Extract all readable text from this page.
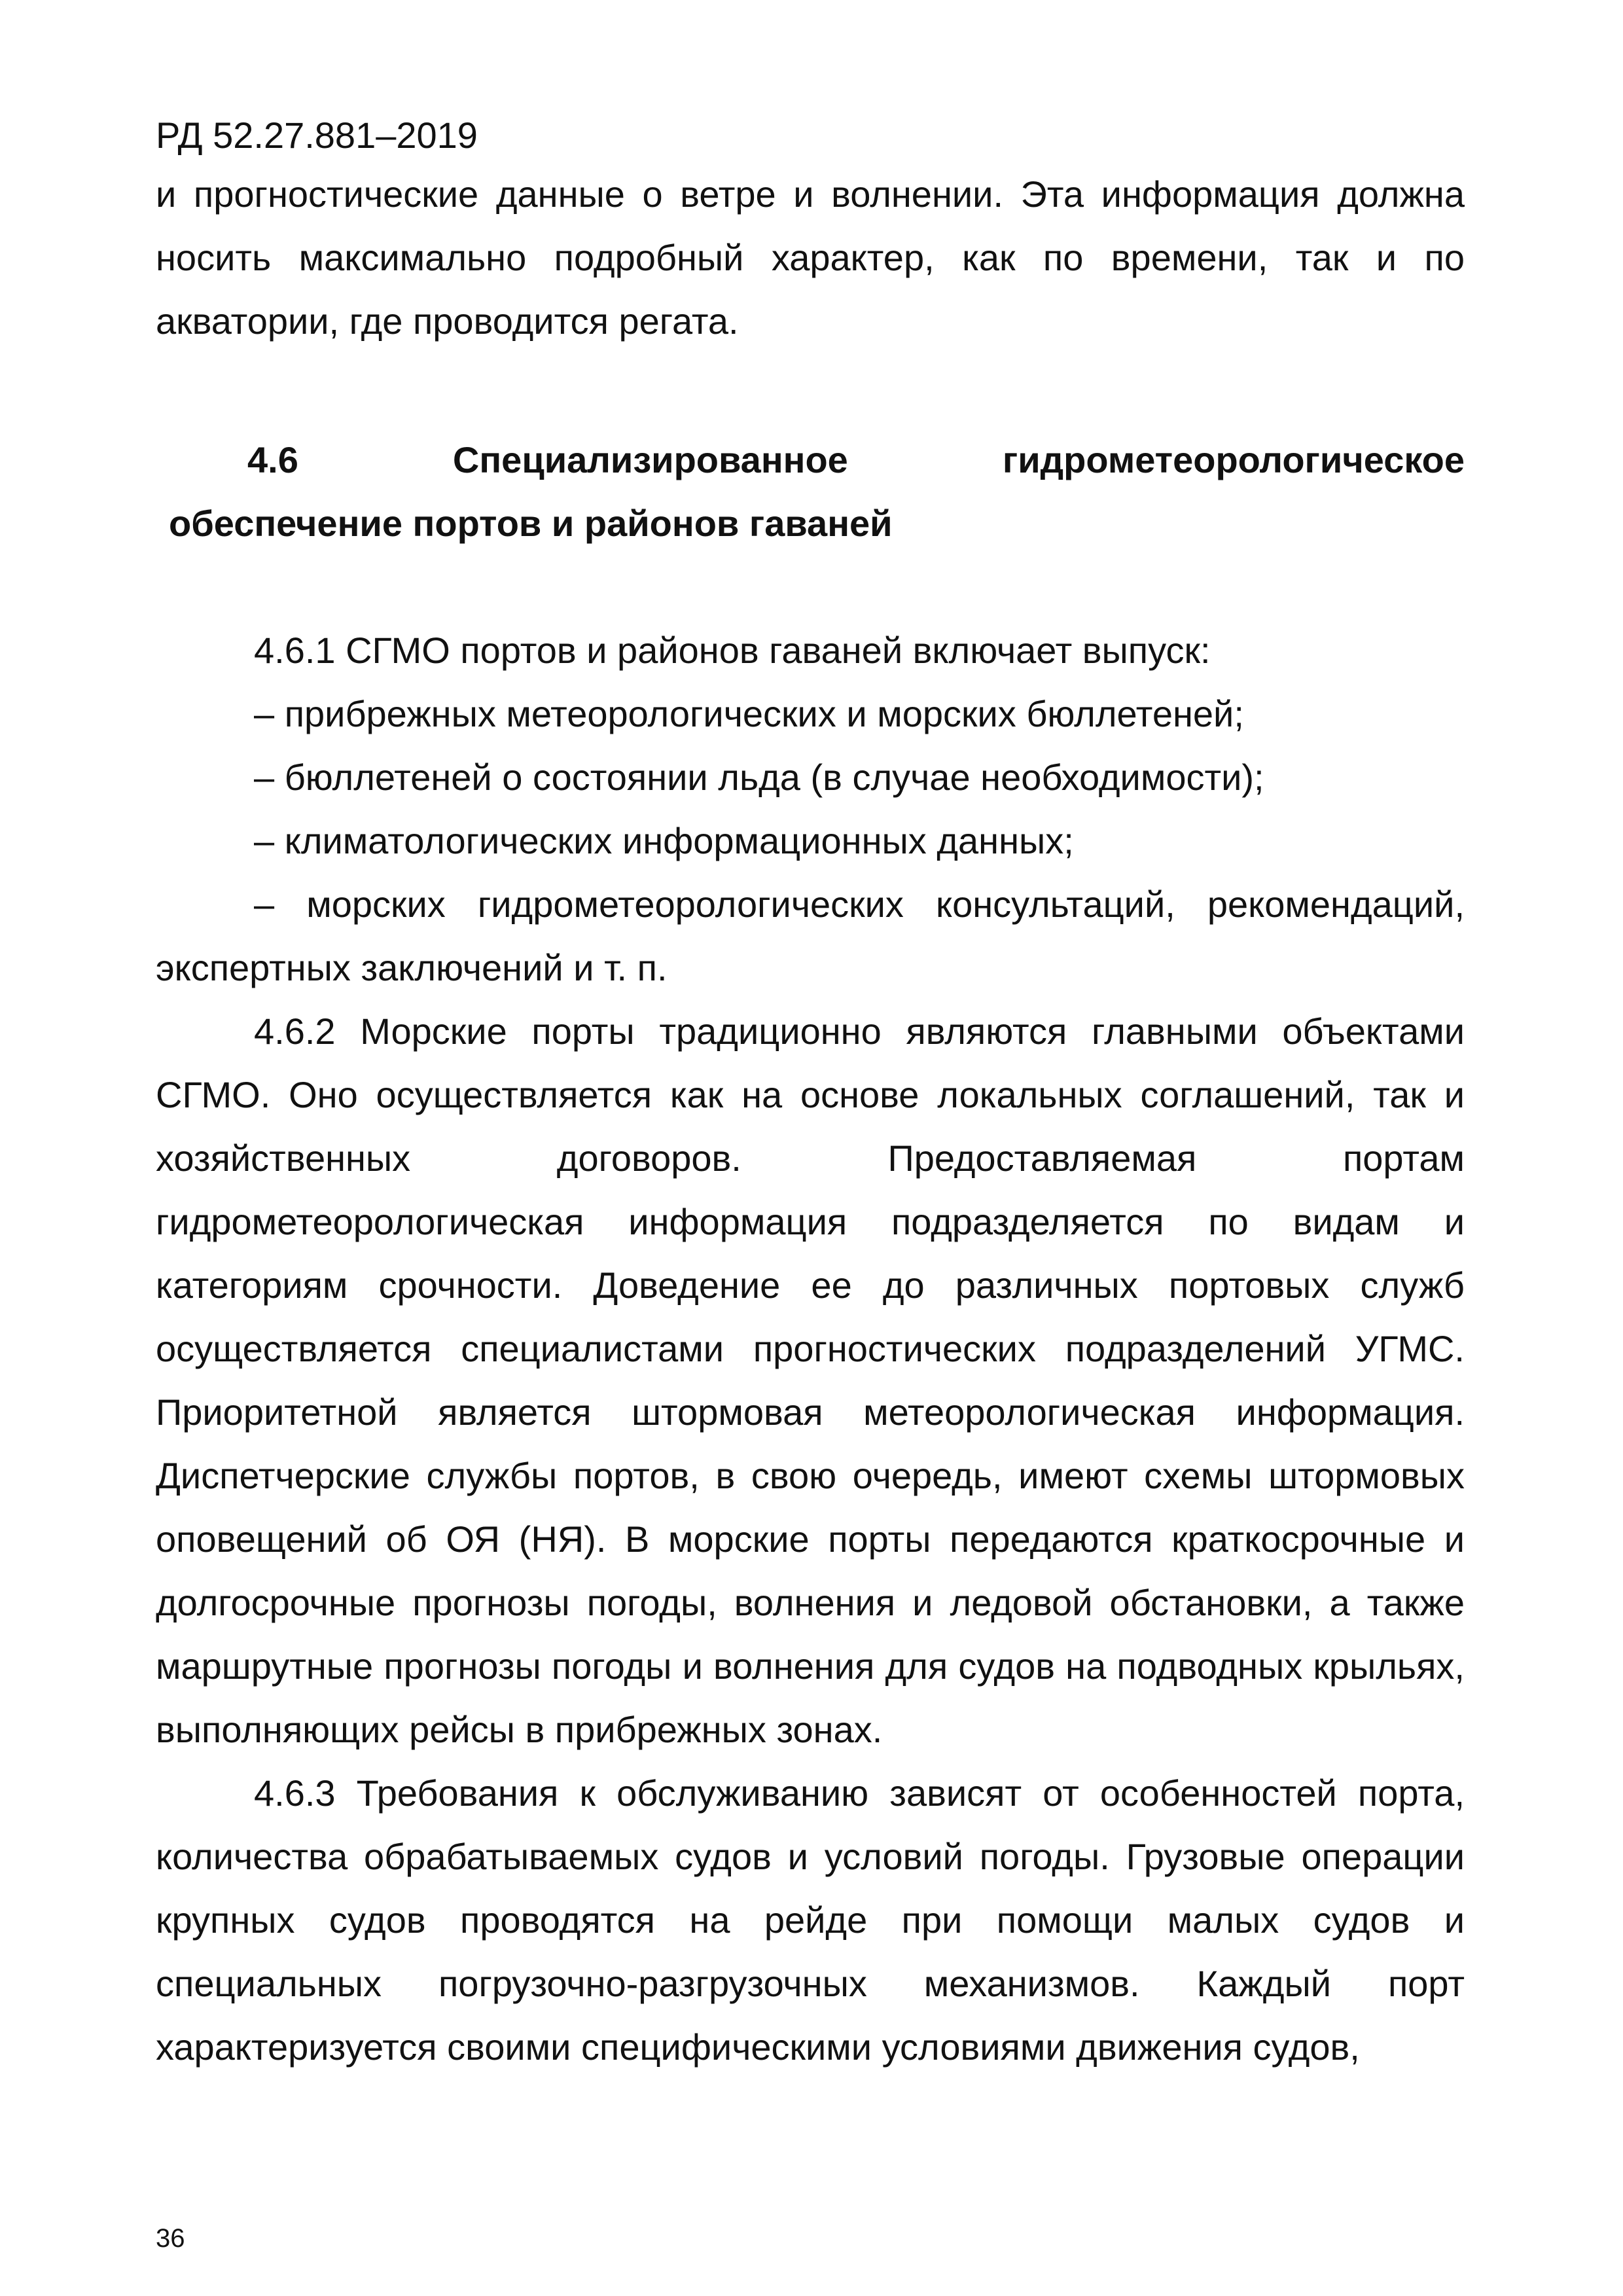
РД 52.27.881–2019

и прогностические данные о ветре и волнении. Эта информация должна носить максимально подробный характер, как по времени, так и по акватории, где проводится регата.

4.6	Специализированное	гидрометеорологическое
обеспечение портов и районов гаваней

4.6.1 СГМО портов и районов гаваней включает выпуск:

– прибрежных метеорологических и морских бюллетеней;

– бюллетеней о состоянии льда (в случае необходимости);

– климатологических информационных данных;

– морских гидрометеорологических консультаций, рекомендаций, экспертных заключений и т. п.

4.6.2 Морские порты традиционно являются главными объектами СГМО. Оно осуществляется как на основе локальных соглашений, так и хозяйственных договоров. Предоставляемая портам гидрометеорологическая информация подразделяется по видам и категориям срочности. Доведение ее до различных портовых служб осуществляется специалистами прогностических подразделений УГМС. Приоритетной является штормовая метеорологическая информация. Диспетчерские службы портов, в свою очередь, имеют схемы штормовых оповещений об ОЯ (НЯ). В морские порты передаются краткосрочные и долгосрочные прогнозы погоды, волнения и ледовой обстановки, а также маршрутные прогнозы погоды и волнения для судов на подводных крыльях, выполняющих рейсы в прибрежных зонах.

4.6.3 Требования к обслуживанию зависят от особенностей порта, количества обрабатываемых судов и условий погоды. Грузовые операции крупных судов проводятся на рейде при помощи малых судов и специальных погрузочно-разгрузочных механизмов. Каждый порт характеризуется своими специфическими условиями движения судов,

36
